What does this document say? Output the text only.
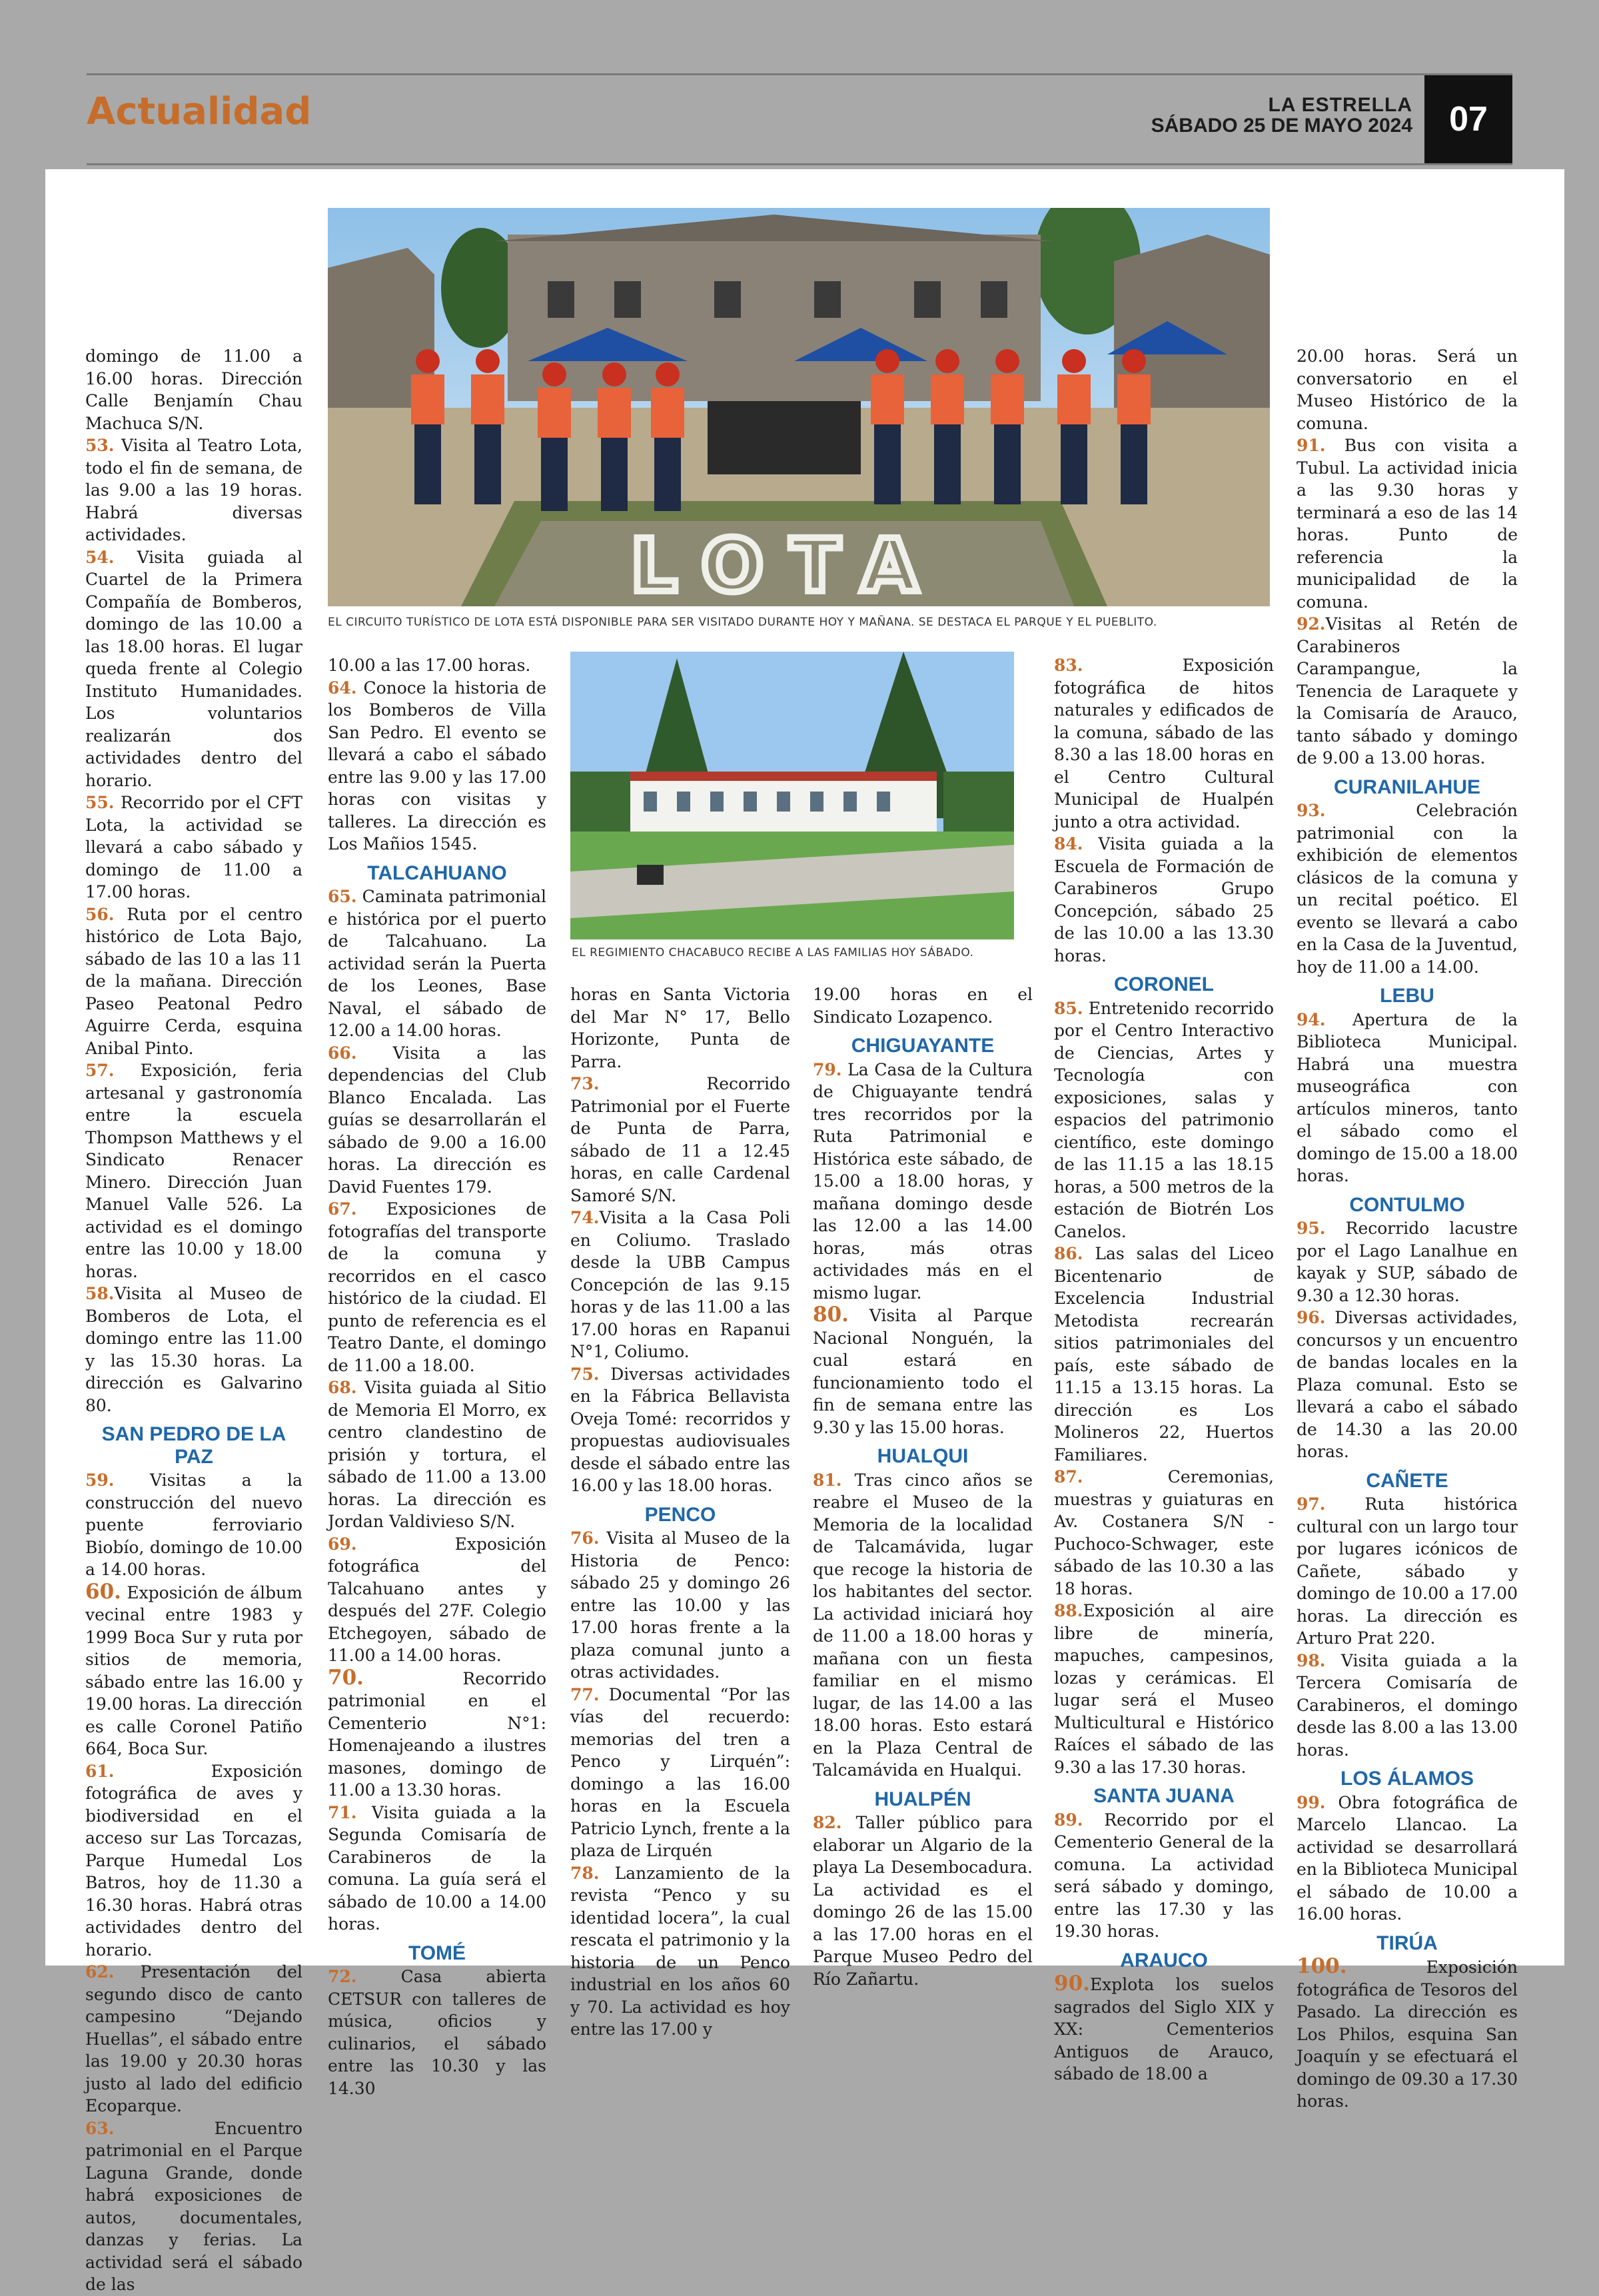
Actualidad	LA ESTRELLA
SÁBADO 25 DE MAYO 2024	07
LOTA
EL CIRCUITO TURÍSTICO DE LOTA ESTÁ DISPONIBLE PARA SER VISITADO DURANTE HOY Y MAÑANA. SE DESTACA EL PARQUE Y EL PUEBLITO.
EL REGIMIENTO CHACABUCO RECIBE A LAS FAMILIAS HOY SÁBADO.

domingo de 11.00 a 16.00 horas. Dirección Calle Benjamín Chau Machuca S/N.

53. Visita al Teatro Lota, todo el fin de semana, de las 9.00 a las 19 horas. Habrá diversas actividades.

54. Visita guiada al Cuartel de la Primera Compañía de Bomberos, domingo de las 10.00 a las 18.00 horas. El lugar queda frente al Colegio Instituto Humanidades. Los voluntarios realizarán dos actividades dentro del horario.

55. Recorrido por el CFT Lota, la actividad se llevará a cabo sábado y domingo de 11.00 a 17.00 horas.

56. Ruta por el centro histórico de Lota Bajo, sábado de las 10 a las 11 de la mañana. Dirección Paseo Peatonal Pedro Aguirre Cerda, esquina Anibal Pinto.

57. Exposición, feria artesanal y gastronomía entre la escuela Thompson Matthews y el Sindicato Renacer Minero. Dirección Juan Manuel Valle 526. La actividad es el domingo entre las 10.00 y 18.00 horas.

58.Visita al Museo de Bomberos de Lota, el domingo entre las 11.00 y las 15.30 horas. La dirección es Galvarino 80.

SAN PEDRO DE LA PAZ

59. Visitas a la construcción del nuevo puente ferroviario Biobío, domingo de 10.00 a 14.00 horas.

60. Exposición de álbum vecinal entre 1983 y 1999 Boca Sur y ruta por sitios de memoria, sábado entre las 16.00 y 19.00 horas. La dirección es calle Coronel Patiño 664, Boca Sur.

61. Exposición fotográfica de aves y biodiversidad en el acceso sur Las Torcazas, Parque Humedal Los Batros, hoy de 11.30 a 16.30 horas. Habrá otras actividades dentro del horario.

62. Presentación del segundo disco de canto campesino “Dejando Huellas”, el sábado entre las 19.00 y 20.30 horas justo al lado del edificio Ecoparque.

63. Encuentro patrimonial en el Parque Laguna Grande, donde habrá exposiciones de autos, documentales, danzas y ferias. La actividad será el sábado de las

10.00 a las 17.00 horas.

64. Conoce la historia de los Bomberos de Villa San Pedro. El evento se llevará a cabo el sábado entre las 9.00 y las 17.00 horas con visitas y talleres. La dirección es Los Mañios 1545.

TALCAHUANO

65. Caminata patrimonial e histórica por el puerto de Talcahuano. La actividad serán la Puerta de los Leones, Base Naval, el sábado de 12.00 a 14.00 horas.

66. Visita a las dependencias del Club Blanco Encalada. Las guías se desarrollarán el sábado de 9.00 a 16.00 horas. La dirección es David Fuentes 179.

67. Exposiciones de fotografías del transporte de la comuna y recorridos en el casco histórico de la ciudad. El punto de referencia es el Teatro Dante, el domingo de 11.00 a 18.00.

68. Visita guiada al Sitio de Memoria El Morro, ex centro clandestino de prisión y tortura, el sábado de 11.00 a 13.00 horas. La dirección es Jordan Valdivieso S/N.

69. Exposición fotográfica del Talcahuano antes y después del 27F. Colegio Etchegoyen, sábado de 11.00 a 14.00 horas.

70. Recorrido patrimonial en el Cementerio N°1: Homenajeando a ilustres masones, domingo de 11.00 a 13.30 horas.

71. Visita guiada a la Segunda Comisaría de Carabineros de la comuna. La guía será el sábado de 10.00 a 14.00 horas.

TOMÉ

72. Casa abierta CETSUR con talleres de música, oficios y culinarios, el sábado entre las 10.30 y las 14.30

horas en Santa Victoria del Mar N° 17, Bello Horizonte, Punta de Parra.

73. Recorrido Patrimonial por el Fuerte de Punta de Parra, sábado de 11 a 12.45 horas, en calle Cardenal Samoré S/N.

74.Visita a la Casa Poli en Coliumo. Traslado desde la UBB Campus Concepción de las 9.15 horas y de las 11.00 a las 17.00 horas en Rapanui N°1, Coliumo.

75. Diversas actividades en la Fábrica Bellavista Oveja Tomé: recorridos y propuestas audiovisuales desde el sábado entre las 16.00 y las 18.00 horas.

PENCO

76. Visita al Museo de la Historia de Penco: sábado 25 y domingo 26 entre las 10.00 y las 17.00 horas frente a la plaza comunal junto a otras actividades.

77. Documental “Por las vías del recuerdo: memorias del tren a Penco y Lirquén”: domingo a las 16.00 horas en la Escuela Patricio Lynch, frente a la plaza de Lirquén

78. Lanzamiento de la revista “Penco y su identidad locera”, la cual rescata el patrimonio y la historia de un Penco industrial en los años 60 y 70. La actividad es hoy entre las 17.00 y

19.00 horas en el Sindicato Lozapenco.

CHIGUAYANTE

79. La Casa de la Cultura de Chiguayante tendrá tres recorridos por la Ruta Patrimonial e Histórica este sábado, de 15.00 a 18.00 horas, y mañana domingo desde las 12.00 a las 14.00 horas, más otras actividades más en el mismo lugar.

80. Visita al Parque Nacional Nonguén, la cual estará en funcionamiento todo el fin de semana entre las 9.30 y las 15.00 horas.

HUALQUI

81. Tras cinco años se reabre el Museo de la Memoria de la localidad de Talcamávida, lugar que recoge la historia de los habitantes del sector. La actividad iniciará hoy de 11.00 a 18.00 horas y mañana con un fiesta familiar en el mismo lugar, de las 14.00 a las 18.00 horas. Esto estará en la Plaza Central de Talcamávida en Hualqui.

HUALPÉN

82. Taller público para elaborar un Algario de la playa La Desembocadura. La actividad es el domingo 26 de las 15.00 a las 17.00 horas en el Parque Museo Pedro del Río Zañartu.

83. Exposición fotográfica de hitos naturales y edificados de la comuna, sábado de las 8.30 a las 18.00 horas en el Centro Cultural Municipal de Hualpén junto a otra actividad.

84. Visita guiada a la Escuela de Formación de Carabineros Grupo Concepción, sábado 25 de las 10.00 a las 13.30 horas.

CORONEL

85. Entretenido recorrido por el Centro Interactivo de Ciencias, Artes y Tecnología con exposiciones, salas y espacios del patrimonio científico, este domingo de las 11.15 a las 18.15 horas, a 500 metros de la estación de Biotrén Los Canelos.

86. Las salas del Liceo Bicentenario de Excelencia Industrial Metodista recrearán sitios patrimoniales del país, este sábado de 11.15 a 13.15 horas. La dirección es Los Molineros 22, Huertos Familiares.

87. Ceremonias, muestras y guiaturas en Av. Costanera S/N - Puchoco-Schwager, este sábado de las 10.30 a las 18 horas.

88.Exposición al aire libre de minería, mapuches, campesinos, lozas y cerámicas. El lugar será el Museo Multicultural e Histórico Raíces el sábado de las 9.30 a las 17.30 horas.

SANTA JUANA

89. Recorrido por el Cementerio General de la comuna. La actividad será sábado y domingo, entre las 17.30 y las 19.30 horas.

ARAUCO

90.Explota los suelos sagrados del Siglo XIX y XX: Cementerios Antiguos de Arauco, sábado de 18.00 a

20.00 horas. Será un conversatorio en el Museo Histórico de la comuna.

91. Bus con visita a Tubul. La actividad inicia a las 9.30 horas y terminará a eso de las 14 horas. Punto de referencia la municipalidad de la comuna.

92.Visitas al Retén de Carabineros Carampangue, la Tenencia de Laraquete y la Comisaría de Arauco, tanto sábado y domingo de 9.00 a 13.00 horas.

CURANILAHUE

93. Celebración patrimonial con la exhibición de elementos clásicos de la comuna y un recital poético. El evento se llevará a cabo en la Casa de la Juventud, hoy de 11.00 a 14.00.

LEBU

94. Apertura de la Biblioteca Municipal. Habrá una muestra museográfica con artículos mineros, tanto el sábado como el domingo de 15.00 a 18.00 horas.

CONTULMO

95. Recorrido lacustre por el Lago Lanalhue en kayak y SUP, sábado de 9.30 a 12.30 horas.

96. Diversas actividades, concursos y un encuentro de bandas locales en la Plaza comunal. Esto se llevará a cabo el sábado de 14.30 a las 20.00 horas.

CAÑETE

97. Ruta histórica cultural con un largo tour por lugares icónicos de Cañete, sábado y domingo de 10.00 a 17.00 horas. La dirección es Arturo Prat 220.

98. Visita guiada a la Tercera Comisaría de Carabineros, el domingo desde las 8.00 a las 13.00 horas.

LOS ÁLAMOS

99. Obra fotográfica de Marcelo Llancao. La actividad se desarrollará en la Biblioteca Municipal el sábado de 10.00 a 16.00 horas.

TIRÚA

100. Exposición fotográfica de Tesoros del Pasado. La dirección es Los Philos, esquina San Joaquín y se efectuará el domingo de 09.30 a 17.30 horas.
